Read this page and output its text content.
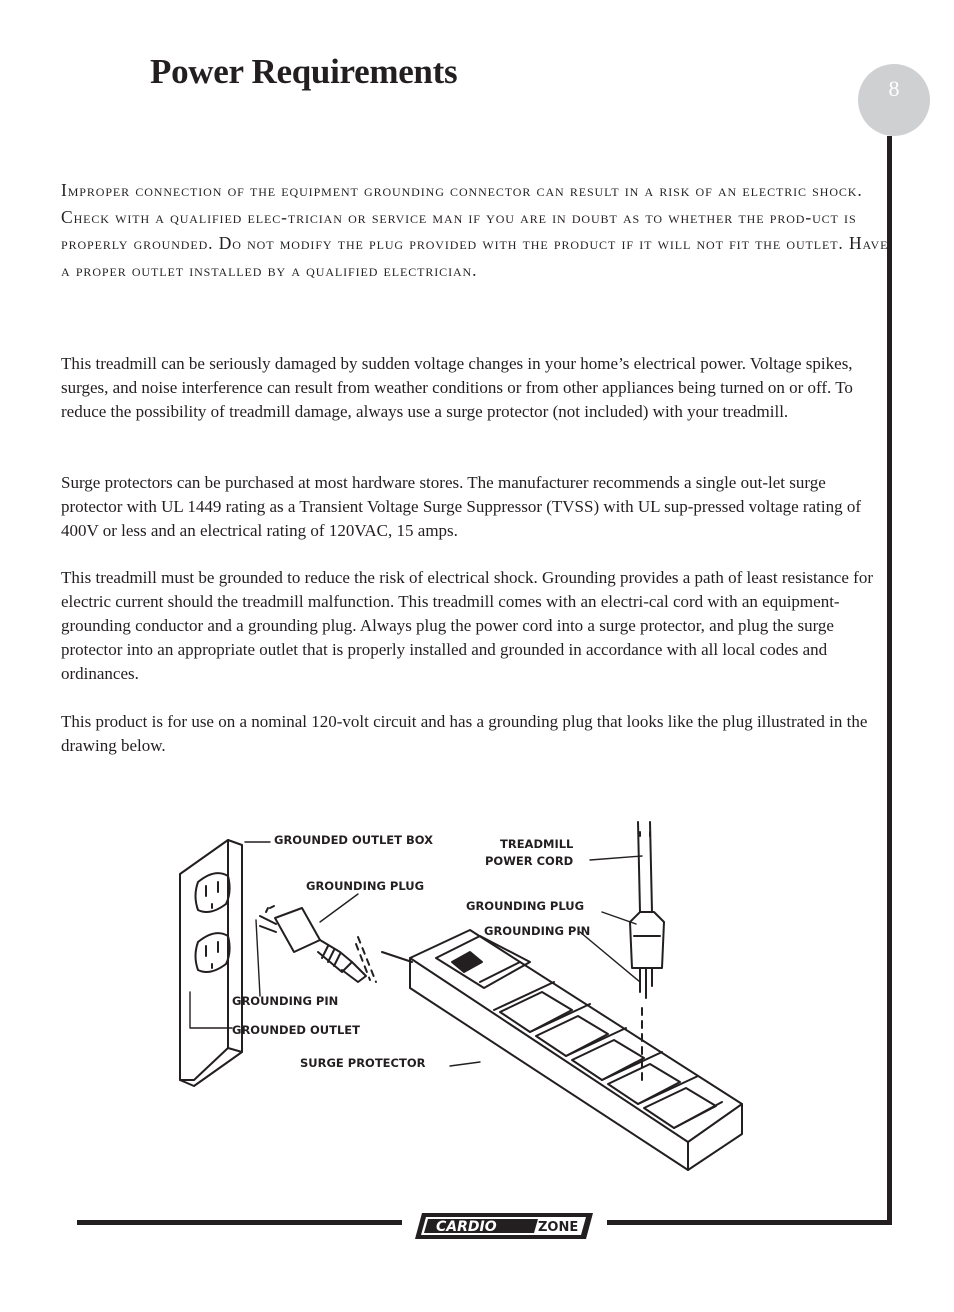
Power Requirements	8

Improper connection of the equipment grounding connector can result in a risk of an electric shock. Check with a qualified elec-trician or service man if you are in doubt as to whether the prod-uct is properly grounded. Do not modify the plug provided with the product if it will not fit the outlet. Have a proper outlet installed by a qualified electrician.

This treadmill can be seriously damaged by sudden voltage changes in your home’s electrical power. Voltage spikes, surges, and noise interference can result from weather conditions or from other appliances being turned on or off. To reduce the possibility of treadmill damage, always use a surge protector (not included) with your treadmill.

Surge protectors can be purchased at most hardware stores. The manufacturer recommends a single out-let surge protector with UL 1449 rating as a Transient Voltage Surge Suppressor (TVSS) with UL sup-pressed voltage rating of 400V or less and an electrical rating of 120VAC, 15 amps.

This treadmill must be grounded to reduce the risk of electrical shock. Grounding provides a path of least resistance for electric current should the treadmill malfunction. This treadmill comes with an electri-cal cord with an equipment-grounding conductor and a grounding plug. Always plug the power cord into a surge protector, and plug the surge protector into an appropriate outlet that is properly installed and grounded in accordance with all local codes and ordinances.

This product is for use on a nominal 120-volt circuit and has a grounding plug that looks like the plug illustrated in the drawing below.

GROUNDED OUTLET BOX	TREADMILL
POWER CORD
GROUNDING PLUG
GROUNDING PLUG
GROUNDING PIN
GROUNDING PIN
GROUNDED OUTLET
SURGE PROTECTOR
CARDIO	ZONE
